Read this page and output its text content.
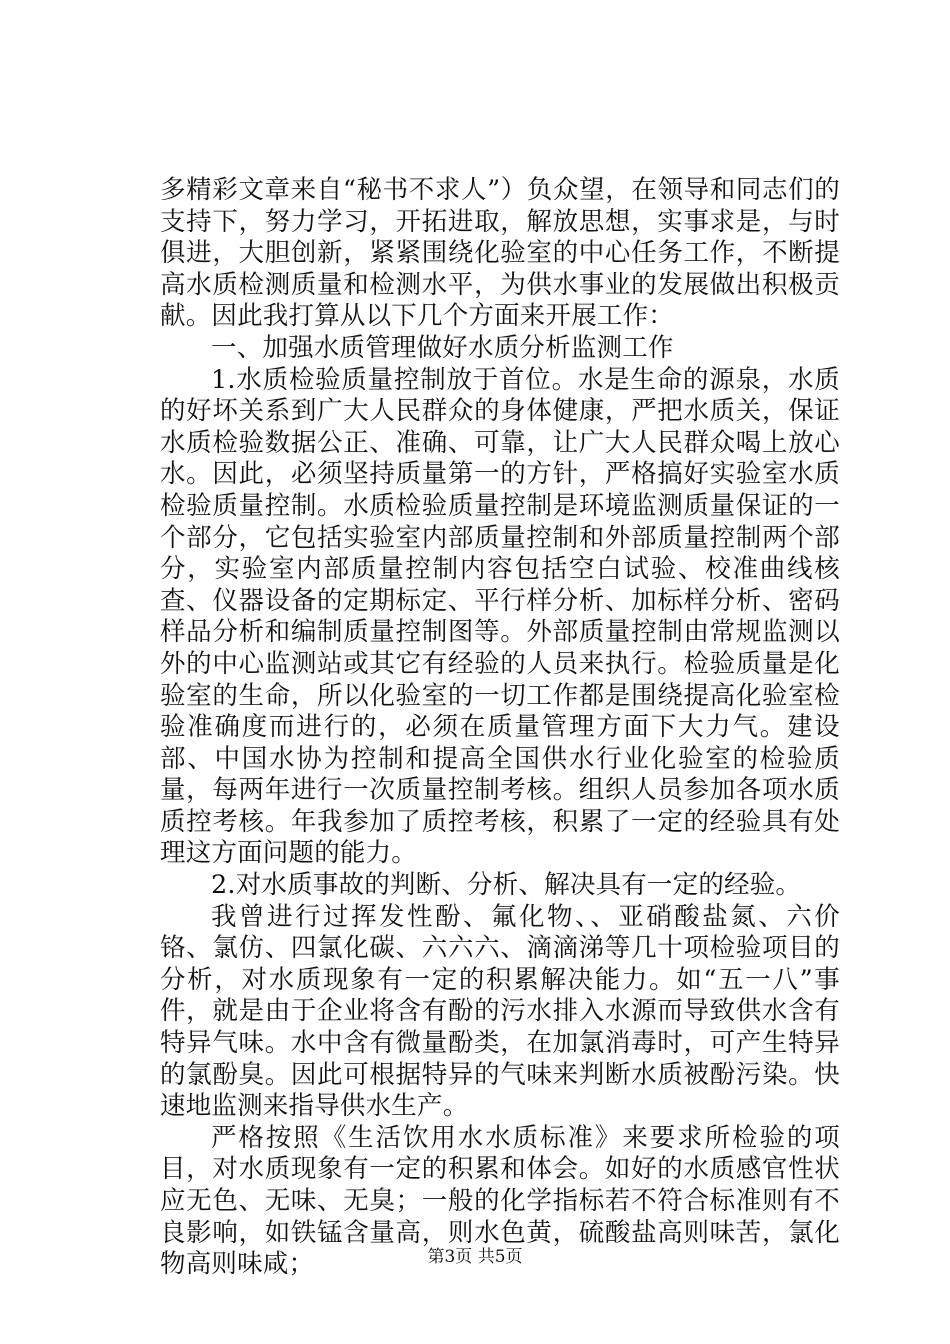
多精彩文章来自“秘书不求人”）负众望，在领导和同志们的支持下，努力学习，开拓进取，解放思想，实事求是，与时俱进，大胆创新，紧紧围绕化验室的中心任务工作，不断提高水质检测质量和检测水平，为供水事业的发展做出积极贡献。因此我打算从以下几个方面来开展工作：

一、加强水质管理做好水质分析监测工作

1.水质检验质量控制放于首位。水是生命的源泉，水质的好坏关系到广大人民群众的身体健康，严把水质关，保证水质检验数据公正、准确、可靠，让广大人民群众喝上放心水。因此，必须坚持质量第一的方针，严格搞好实验室水质检验质量控制。水质检验质量控制是环境监测质量保证的一个部分，它包括实验室内部质量控制和外部质量控制两个部分，实验室内部质量控制内容包括空白试验、校准曲线核查、仪器设备的定期标定、平行样分析、加标样分析、密码样品分析和编制质量控制图等。外部质量控制由常规监测以外的中心监测站或其它有经验的人员来执行。检验质量是化验室的生命，所以化验室的一切工作都是围绕提高化验室检验准确度而进行的，必须在质量管理方面下大力气。建设部、中国水协为控制和提高全国供水行业化验室的检验质量，每两年进行一次质量控制考核。组织人员参加各项水质质控考核。年我参加了质控考核，积累了一定的经验具有处理这方面问题的能力。

2.对水质事故的判断、分析、解决具有一定的经验。

我曾进行过挥发性酚、氟化物、、亚硝酸盐氮、六价铬、氯仿、四氯化碳、六六六、滴滴涕等几十项检验项目的分析，对水质现象有一定的积累解决能力。如“五一八”事件，就是由于企业将含有酚的污水排入水源而导致供水含有特异气味。水中含有微量酚类，在加氯消毒时，可产生特异的氯酚臭。因此可根据特异的气味来判断水质被酚污染。快速地监测来指导供水生产。

严格按照《生活饮用水水质标准》来要求所检验的项目，对水质现象有一定的积累和体会。如好的水质感官性状应无色、无味、无臭；一般的化学指标若不符合标准则有不良影响，如铁锰含量高，则水色黄，硫酸盐高则味苦，氯化物高则味咸；	第3页 共5页
